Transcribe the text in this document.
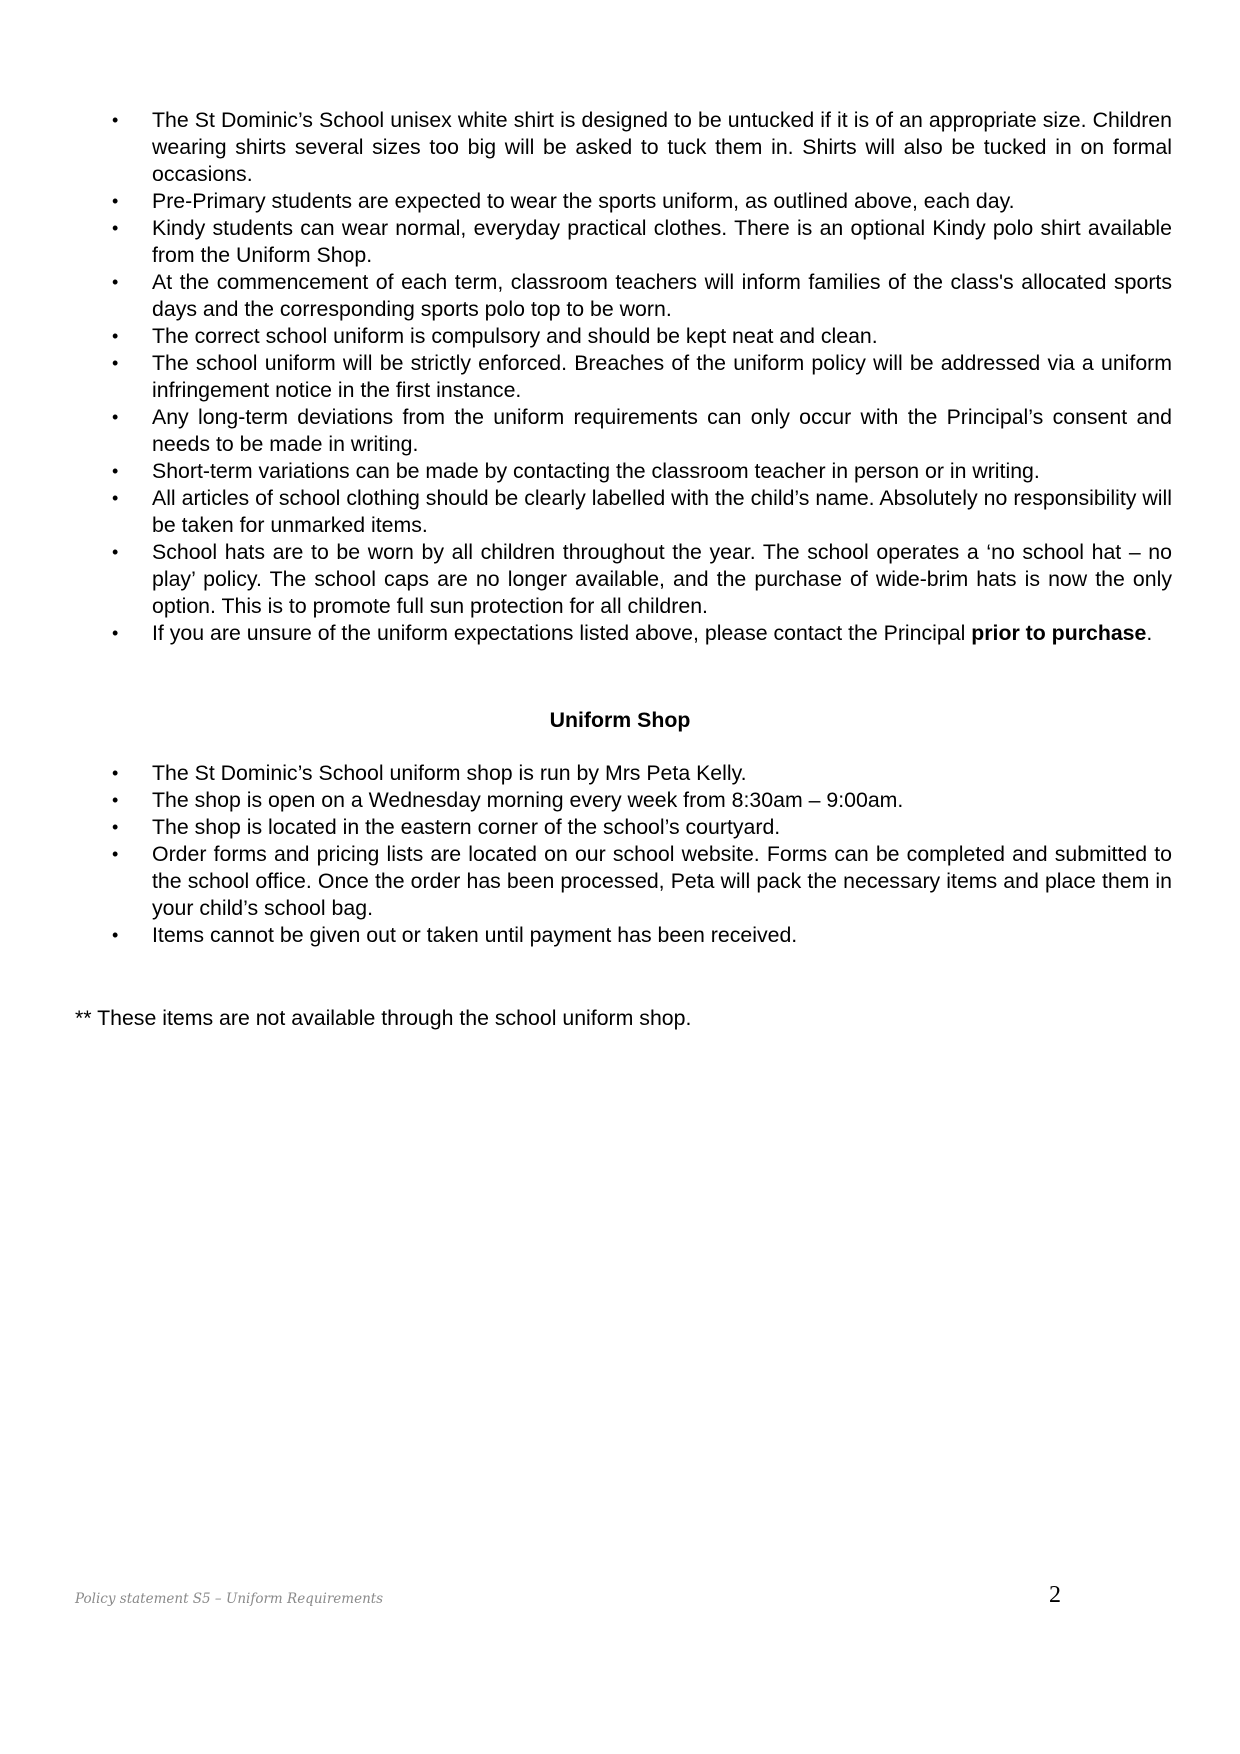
•	The St Dominic’s School unisex white shirt is designed to be untucked if it is of an appropriate size. Children wearing shirts several sizes too big will be asked to tuck them in. Shirts will also be tucked in on formal occasions.
•	Pre-Primary students are expected to wear the sports uniform, as outlined above, each day.
•	Kindy students can wear normal, everyday practical clothes. There is an optional Kindy polo shirt available from the Uniform Shop.
•	At the commencement of each term, classroom teachers will inform families of the class's allocated sports days and the corresponding sports polo top to be worn.
•	The correct school uniform is compulsory and should be kept neat and clean.
•	The school uniform will be strictly enforced. Breaches of the uniform policy will be addressed via a uniform infringement notice in the first instance.
•	Any long-term deviations from the uniform requirements can only occur with the Principal’s consent and needs to be made in writing.
•	Short-term variations can be made by contacting the classroom teacher in person or in writing.
•	All articles of school clothing should be clearly labelled with the child’s name. Absolutely no responsibility will be taken for unmarked items.
•	School hats are to be worn by all children throughout the year. The school operates a ‘no school hat – no play’ policy. The school caps are no longer available, and the purchase of wide-brim hats is now the only option. This is to promote full sun protection for all children.
•	If you are unsure of the uniform expectations listed above, please contact the Principal prior to purchase.
Uniform Shop
•	The St Dominic’s School uniform shop is run by Mrs Peta Kelly.
•	The shop is open on a Wednesday morning every week from 8:30am – 9:00am.
•	The shop is located in the eastern corner of the school’s courtyard.
•	Order forms and pricing lists are located on our school website. Forms can be completed and submitted to the school office. Once the order has been processed, Peta will pack the necessary items and place them in your child’s school bag.
•	Items cannot be given out or taken until payment has been received.
** These items are not available through the school uniform shop.
Policy statement S5 – Uniform Requirements	2
